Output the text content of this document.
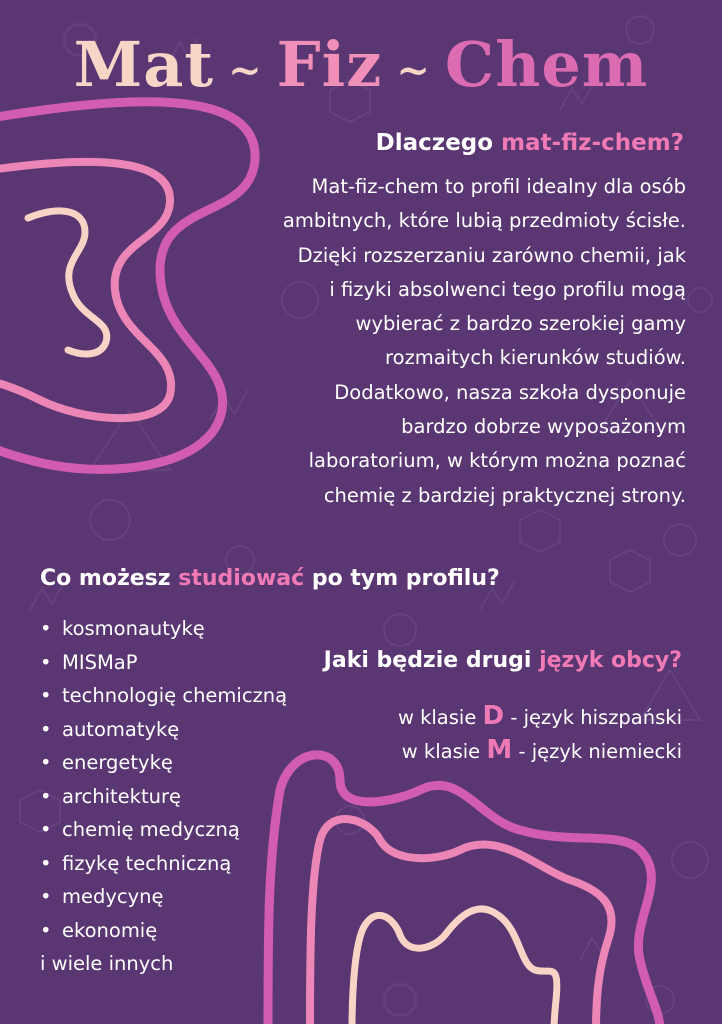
Mat ~ Fiz ~ Chem
Dlaczego mat-fiz-chem?
Mat-fiz-chem to profil idealny dla osób
ambitnych, które lubią przedmioty ścisłe.
Dzięki rozszerzaniu zarówno chemii, jak
i fizyki absolwenci tego profilu mogą
wybierać z bardzo szerokiej gamy
rozmaitych kierunków studiów.
Dodatkowo, nasza szkoła dysponuje
bardzo dobrze wyposażonym
laboratorium, w którym można poznać
chemię z bardziej praktycznej strony.
Co możesz studiować po tym profilu?
• kosmonautykę
• MISMaP
• technologię chemiczną
• automatykę
• energetykę
• architekturę
• chemię medyczną
• fizykę techniczną
• medycynę
• ekonomię
i wiele innych
Jaki będzie drugi język obcy?
w klasie D - język hiszpański
w klasie M - język niemiecki
